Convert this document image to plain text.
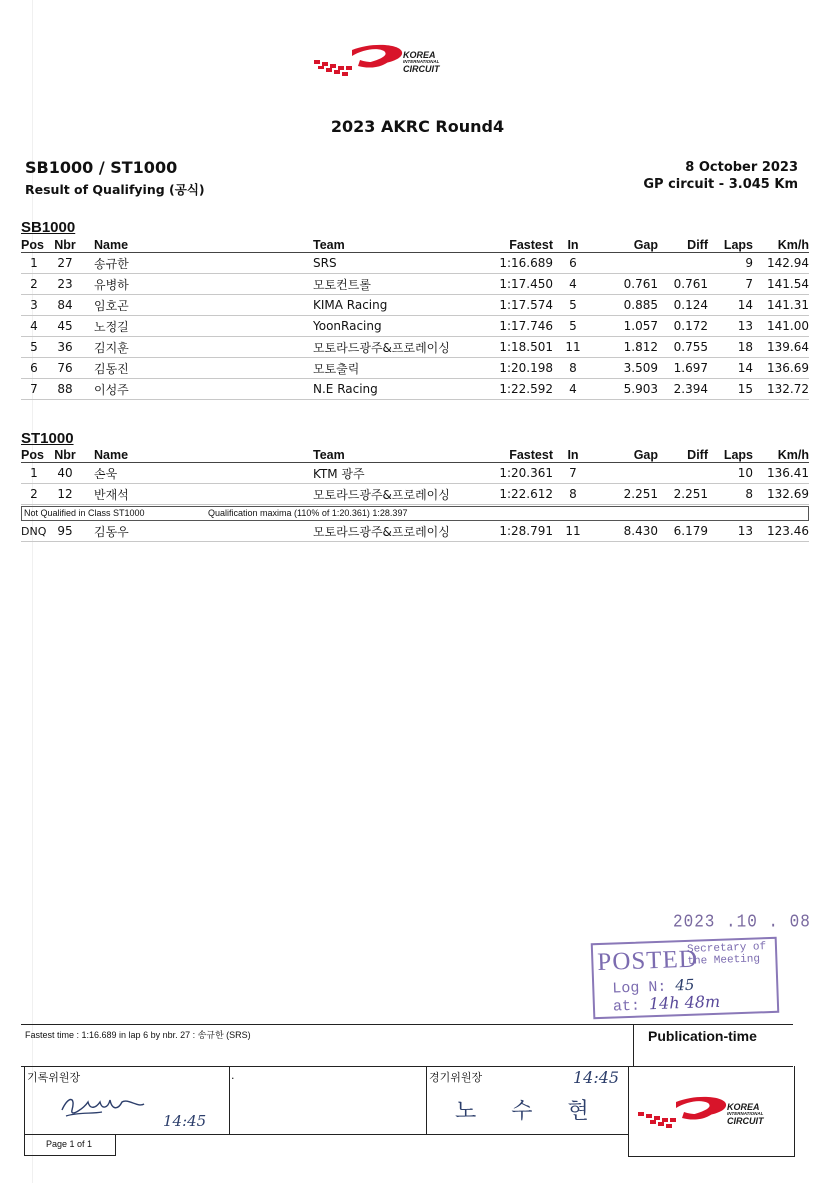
KOREA
INTERNATIONAL
CIRCUIT
2023 AKRC Round4
SB1000 / ST1000
Result of Qualifying (공식)
8 October 2023
GP circuit - 3.045 Km
SB1000
Pos	Nbr	Name	Team	Fastest	In	Gap	Diff	Laps	Km/h
1	27	송규한	SRS	1:16.689	6			9	142.94
2	23	유병하	모토컨트롤	1:17.450	4	0.761	0.761	7	141.54
3	84	임호곤	KIMA Racing	1:17.574	5	0.885	0.124	14	141.31
4	45	노정길	YoonRacing	1:17.746	5	1.057	0.172	13	141.00
5	36	김지훈	모토라드광주&프로레이싱	1:18.501	11	1.812	0.755	18	139.64
6	76	김동진	모토출릭	1:20.198	8	3.509	1.697	14	136.69
7	88	이성주	N.E Racing	1:22.592	4	5.903	2.394	15	132.72
ST1000
Pos	Nbr	Name	Team	Fastest	In	Gap	Diff	Laps	Km/h
1	40	손욱	KTM 광주	1:20.361	7			10	136.41
2	12	반재석	모토라드광주&프로레이싱	1:22.612	8	2.251	2.251	8	132.69
Not Qualified in Class ST1000	Qualification maxima (110% of 1:20.361) 1:28.397
DNQ	95	김동우	모토라드광주&프로레이싱	1:28.791	11	8.430	6.179	13	123.46
2023 .10 . 08
POSTED
Secretary of the Meeting
Log N: 45
at: 14h 48m
Fastest time : 1:16.689 in lap 6 by nbr. 27 : 송규한 (SRS)	Publication-time
기록위원장
14:45
Page 1 of 1
.	경기위원장	14:45
노 수 현	KOREA
INTERNATIONAL
CIRCUIT
